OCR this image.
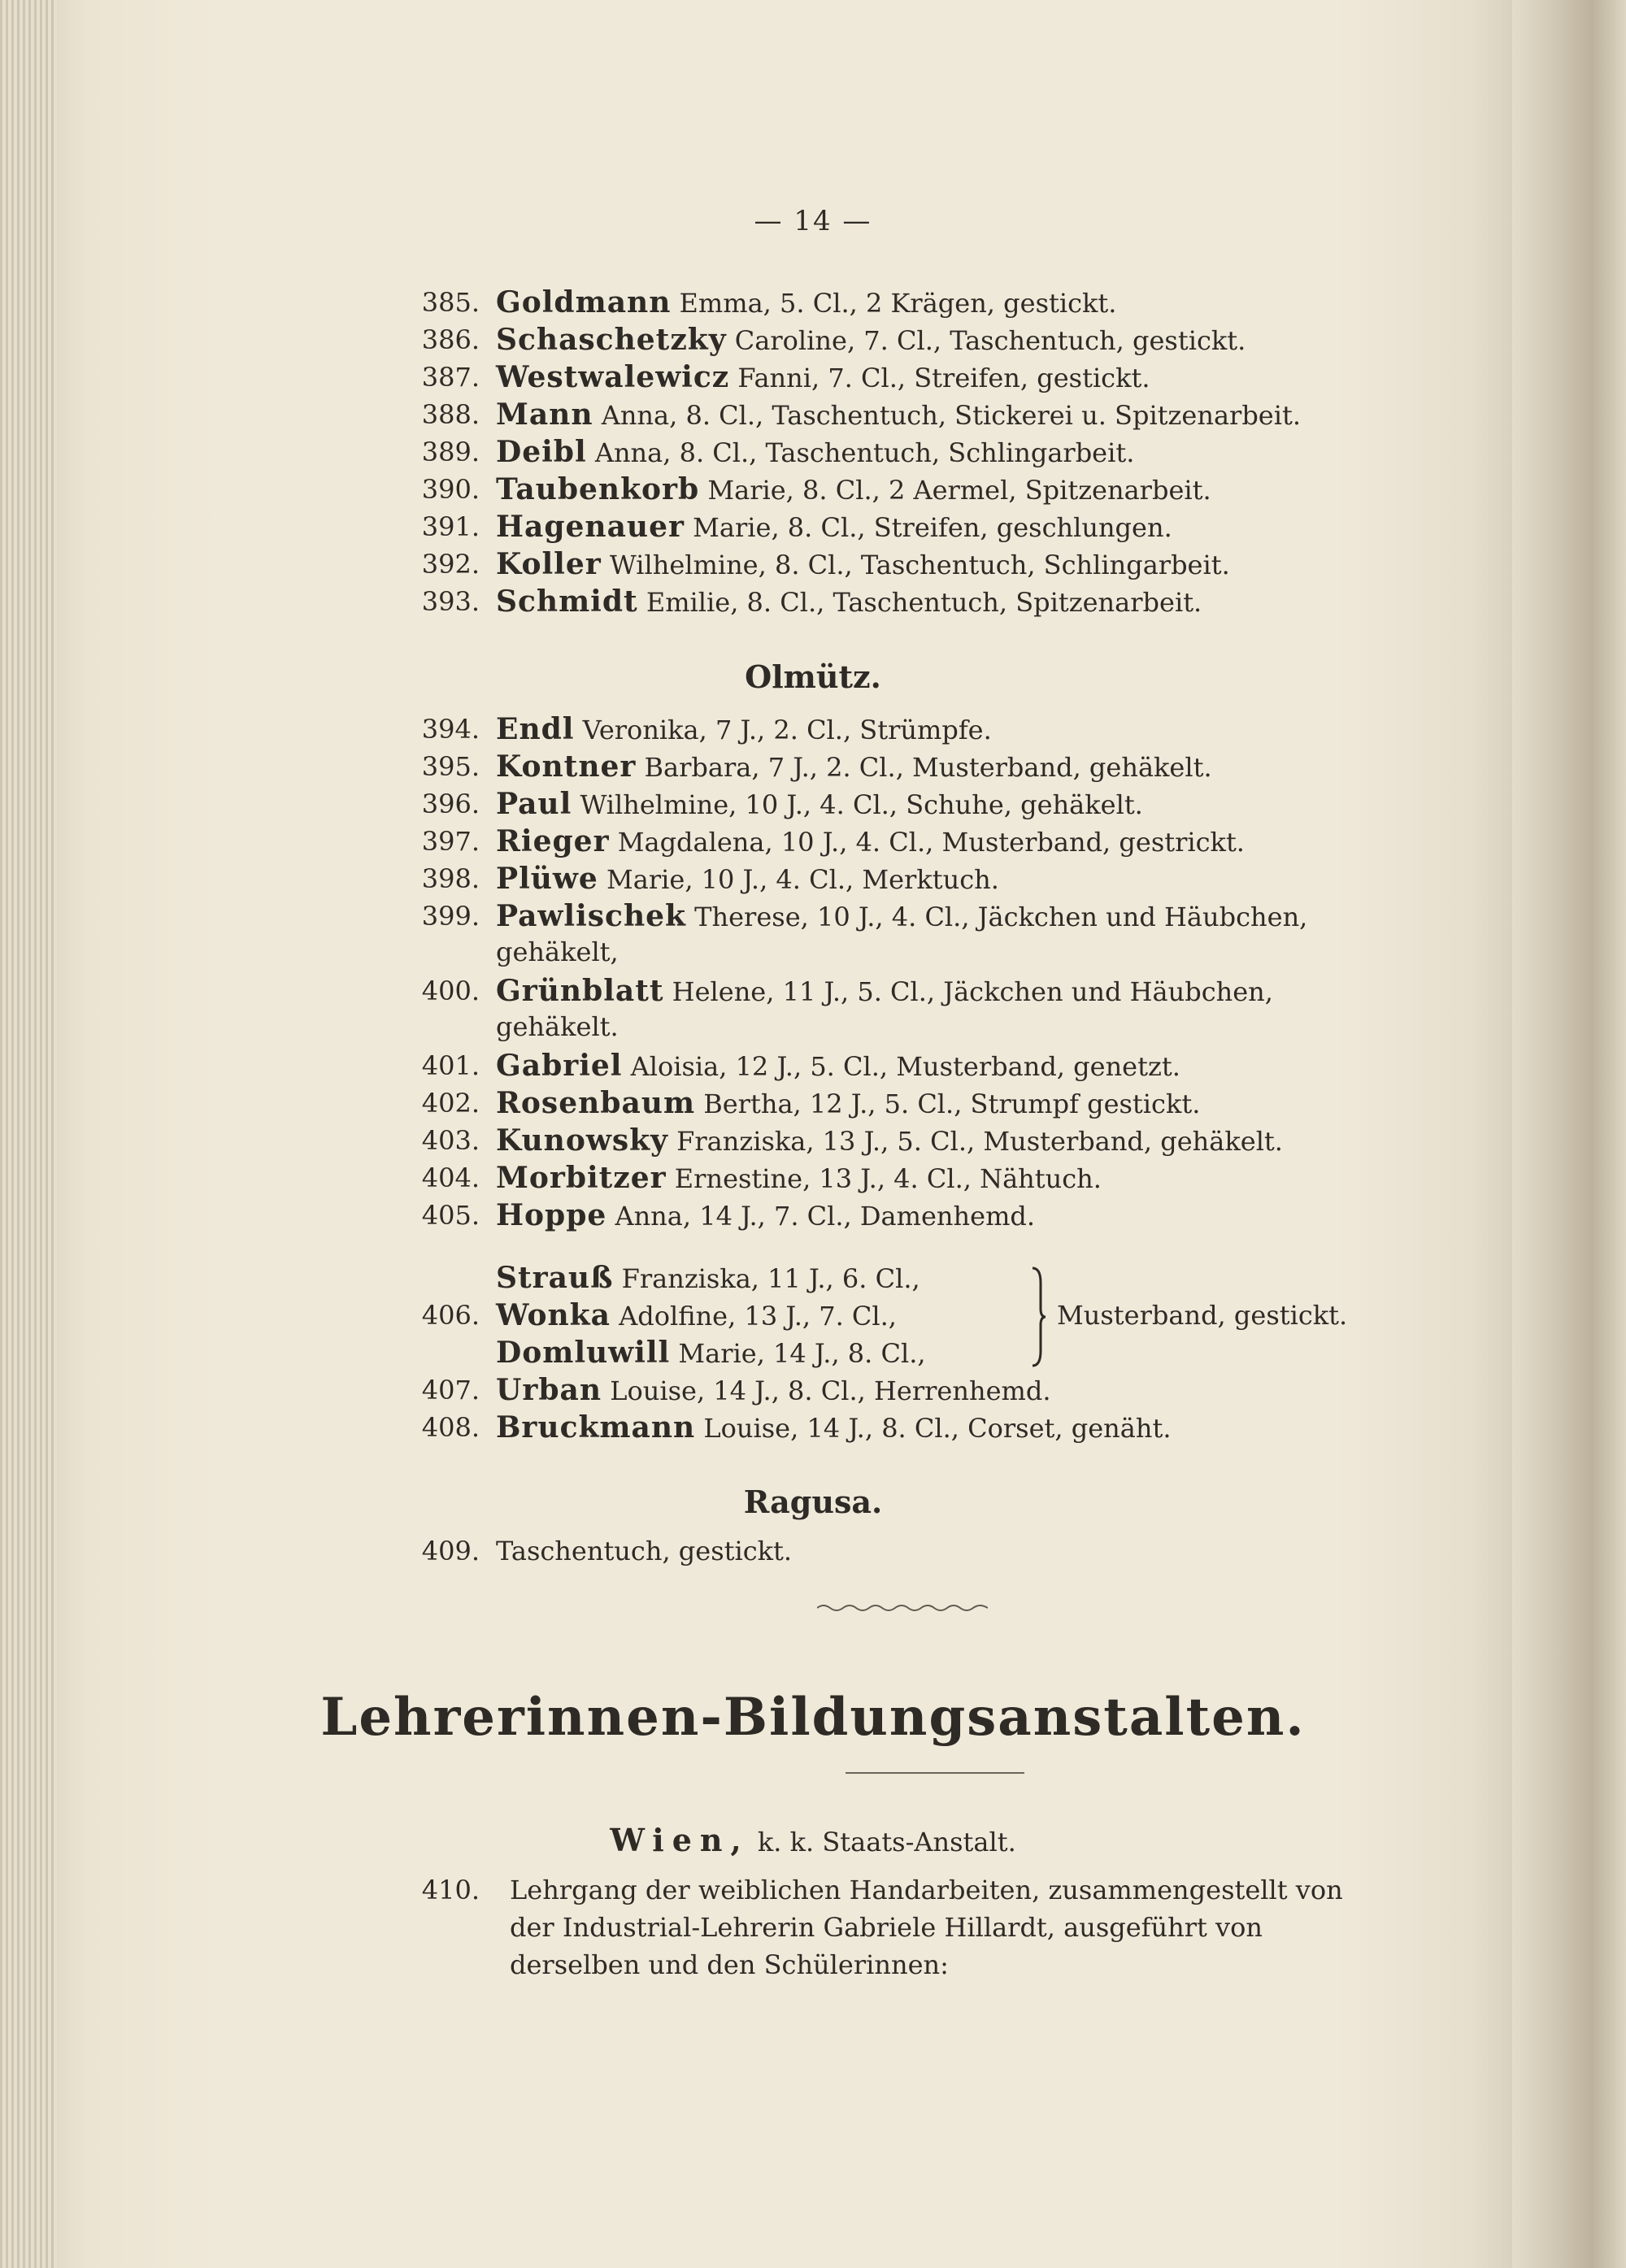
— 14 —
385. Goldmann Emma, 5. Cl., 2 Krägen, gestickt.
386. Schaschetzky Caroline, 7. Cl., Taschentuch, gestickt.
387. Westwalewicz Fanni, 7. Cl., Streifen, gestickt.
388. Mann Anna, 8. Cl., Taschentuch, Stickerei u. Spitzenarbeit.
389. Deibl Anna, 8. Cl., Taschentuch, Schlingarbeit.
390. Taubenkorb Marie, 8. Cl., 2 Aermel, Spitzenarbeit.
391. Hagenauer Marie, 8. Cl., Streifen, geschlungen.
392. Koller Wilhelmine, 8. Cl., Taschentuch, Schlingarbeit.
393. Schmidt Emilie, 8. Cl., Taschentuch, Spitzenarbeit.
Olmütz.
394. Endl Veronika, 7 J., 2. Cl., Strümpfe.
395. Kontner Barbara, 7 J., 2. Cl., Musterband, gehäkelt.
396. Paul Wilhelmine, 10 J., 4. Cl., Schuhe, gehäkelt.
397. Rieger Magdalena, 10 J., 4. Cl., Musterband, gestrickt.
398. Plüwe Marie, 10 J., 4. Cl., Merktuch.
399. Pawlischek Therese, 10 J., 4. Cl., Jäckchen und Häubchen,
gehäkelt,
400. Grünblatt Helene, 11 J., 5. Cl., Jäckchen und Häubchen,
gehäkelt.
401. Gabriel Aloisia, 12 J., 5. Cl., Musterband, genetzt.
402. Rosenbaum Bertha, 12 J., 5. Cl., Strumpf gestickt.
403. Kunowsky Franziska, 13 J., 5. Cl., Musterband, gehäkelt.
404. Morbitzer Ernestine, 13 J., 4. Cl., Nähtuch.
405. Hoppe Anna, 14 J., 7. Cl., Damenhemd.
Strauß Franziska, 11 J., 6. Cl.,
Wonka Adolfine, 13 J., 7. Cl.,
Domluwill Marie, 14 J., 8. Cl.,
406.	Musterband, gestickt.
407. Urban Louise, 14 J., 8. Cl., Herrenhemd.
408. Bruckmann Louise, 14 J., 8. Cl., Corset, genäht.
Ragusa.
409. Taschentuch, gestickt.
Lehrerinnen-Bildungsanstalten.
Wien, k. k. Staats-Anstalt.
410. Lehrgang der weiblichen Handarbeiten, zusammengestellt von
der Industrial-Lehrerin Gabriele Hillardt, ausgeführt von
derselben und den Schülerinnen:
